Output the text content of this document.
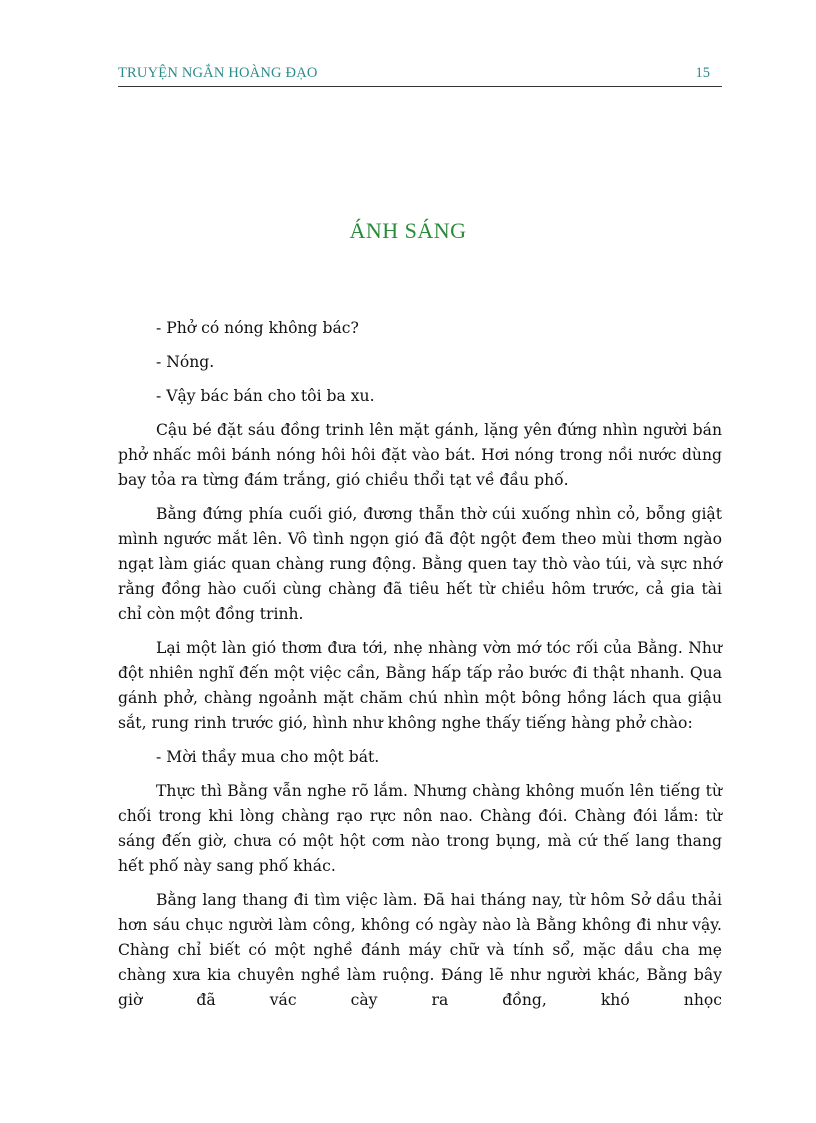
TRUYỆN NGẮN HOÀNG ĐẠO	15
ÁNH SÁNG

- Phở có nóng không bác?

- Nóng.

- Vậy bác bán cho tôi ba xu.

Cậu bé đặt sáu đồng trinh lên mặt gánh, lặng yên đứng nhìn người bán phở nhấc môi bánh nóng hôi hôi đặt vào bát. Hơi nóng trong nồi nước dùng bay tỏa ra từng đám trắng, gió chiều thổi tạt về đầu phố.

Bằng đứng phía cuối gió, đương thẫn thờ cúi xuống nhìn cỏ, bỗng giật mình ngước mắt lên. Vô tình ngọn gió đã đột ngột đem theo mùi thơm ngào ngạt làm giác quan chàng rung động. Bằng quen tay thò vào túi, và sực nhớ rằng đồng hào cuối cùng chàng đã tiêu hết từ chiều hôm trước, cả gia tài chỉ còn một đồng trinh.

Lại một làn gió thơm đưa tới, nhẹ nhàng vờn mớ tóc rối của Bằng. Như đột nhiên nghĩ đến một việc cần, Bằng hấp tấp rảo bước đi thật nhanh. Qua gánh phở, chàng ngoảnh mặt chăm chú nhìn một bông hồng lách qua giậu sắt, rung rinh trước gió, hình như không nghe thấy tiếng hàng phở chào:

- Mời thầy mua cho một bát.

Thực thì Bằng vẫn nghe rõ lắm. Nhưng chàng không muốn lên tiếng từ chối trong khi lòng chàng rạo rực nôn nao. Chàng đói. Chàng đói lắm: từ sáng đến giờ, chưa có một hột cơm nào trong bụng, mà cứ thế lang thang hết phố này sang phố khác.

Bằng lang thang đi tìm việc làm. Đã hai tháng nay, từ hôm Sở dầu thải hơn sáu chục người làm công, không có ngày nào là Bằng không đi như vậy. Chàng chỉ biết có một nghề đánh máy chữ và tính sổ, mặc dầu cha mẹ chàng xưa kia chuyên nghề làm ruộng. Đáng lẽ như người khác, Bằng bây giờ đã vác cày ra đồng, khó nhọc
